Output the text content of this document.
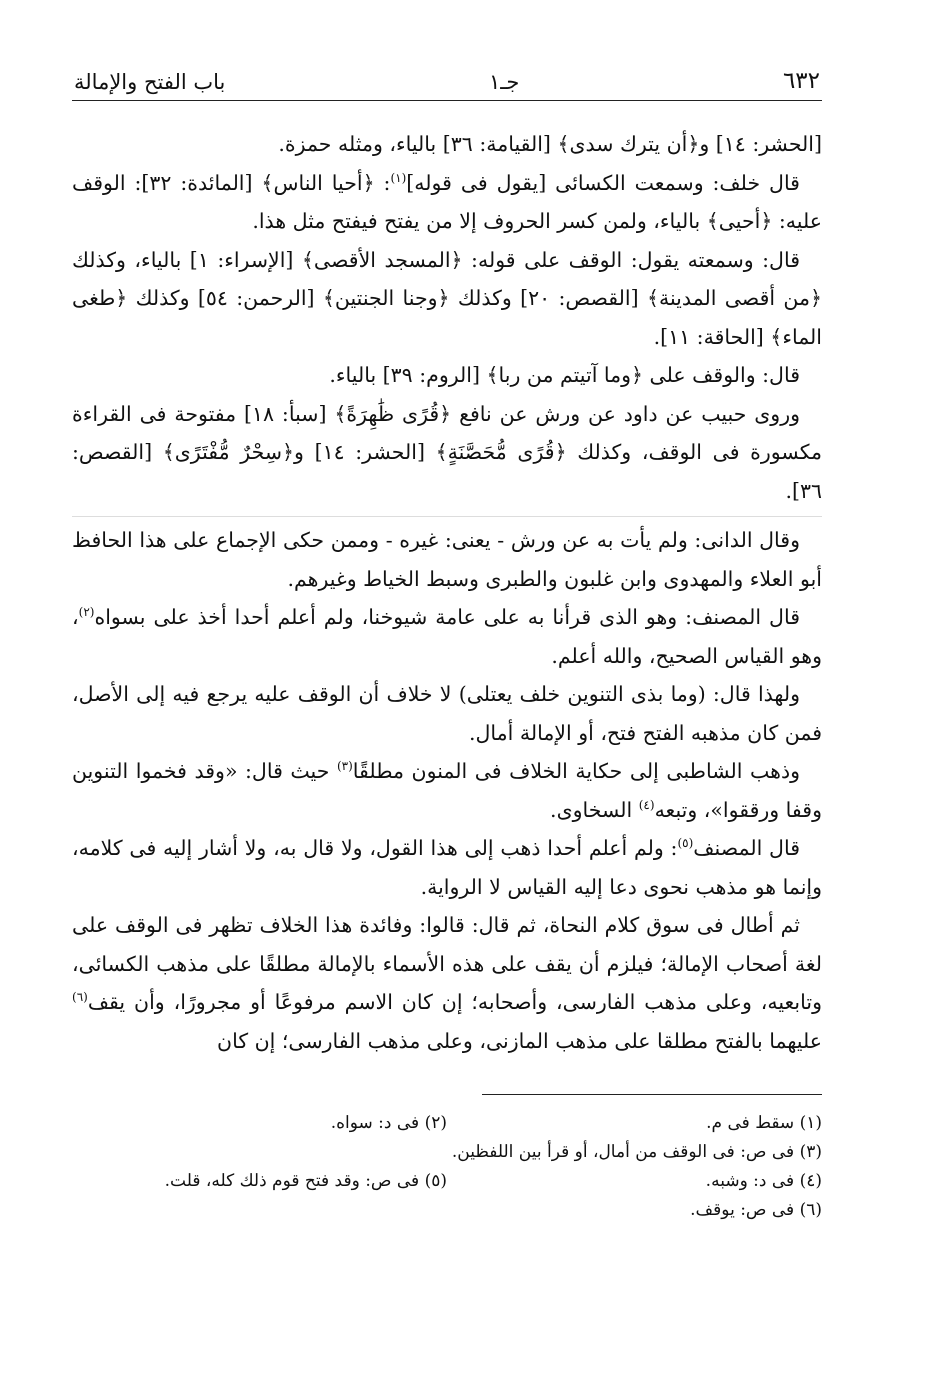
٦٣٢
جـ١
باب الفتح والإمالة

[الحشر: ١٤] و﴿أن يترك سدى﴾ [القيامة: ٣٦] بالياء، ومثله حمزة.

قال خلف: وسمعت الكسائى [يقول فى قوله]$^{(١)}$: ﴿أحيا الناس﴾ [المائدة: ٣٢]: الوقف عليه: ﴿أحيى﴾ بالياء، ولمن كسر الحروف إلا من يفتح فيفتح مثل هذا.

قال: وسمعته يقول: الوقف على قوله: ﴿المسجد الأقصى﴾ [الإسراء: ١] بالياء، وكذلك ﴿من أقصى المدينة﴾ [القصص: ٢٠] وكذلك ﴿وجنا الجنتين﴾ [الرحمن: ٥٤] وكذلك ﴿طغى الماء﴾ [الحاقة: ١١].

قال: والوقف على ﴿وما آتيتم من ربا﴾ [الروم: ٣٩] بالياء.

وروى حبيب عن داود عن ورش عن نافع ﴿قُرًى ظَٰهِرَةً﴾ [سبأ: ١٨] مفتوحة فى القراءة مكسورة فى الوقف، وكذلك ﴿قُرًى مُّحَصَّنَةٍ﴾ [الحشر: ١٤] و﴿سِحْرٌ مُّفْتَرًى﴾ [القصص: ٣٦].

وقال الدانى: ولم يأت به عن ورش - يعنى: غيره - وممن حكى الإجماع على هذا الحافظ أبو العلاء والمهدوى وابن غلبون والطبرى وسبط الخياط وغيرهم.

قال المصنف: وهو الذى قرأنا به على عامة شيوخنا، ولم أعلم أحدا أخذ على بسواه$^{(٢)}$، وهو القياس الصحيح، والله أعلم.

ولهذا قال: (وما بذى التنوين خلف يعتلى) لا خلاف أن الوقف عليه يرجع فيه إلى الأصل، فمن كان مذهبه الفتح فتح، أو الإمالة أمال.

وذهب الشاطبى إلى حكاية الخلاف فى المنون مطلقًا$^{(٣)}$ حيث قال: «وقد فخموا التنوين وقفا ورققوا»، وتبعه$^{(٤)}$ السخاوى.

قال المصنف$^{(٥)}$: ولم أعلم أحدا ذهب إلى هذا القول، ولا قال به، ولا أشار إليه فى كلامه، وإنما هو مذهب نحوى دعا إليه القياس لا الرواية.

ثم أطال فى سوق كلام النحاة، ثم قال: قالوا: وفائدة هذا الخلاف تظهر فى الوقف على لغة أصحاب الإمالة؛ فيلزم أن يقف على هذه الأسماء بالإمالة مطلقًا على مذهب الكسائى، وتابعيه، وعلى مذهب الفارسى، وأصحابه؛ إن كان الاسم مرفوعًا أو مجرورًا، وأن يقف$^{(٦)}$ عليهما بالفتح مطلقا على مذهب المازنى، وعلى مذهب الفارسى؛ إن كان

(١) سقط فى م.
(٢) فى د: سواه.
(٣) فى ص: فى الوقف من أمال، أو قرأ بين اللفظين.
(٤) فى د: وشبه.
(٥) فى ص: وقد فتح قوم ذلك كله، قلت.
(٦) فى ص: يوقف.
